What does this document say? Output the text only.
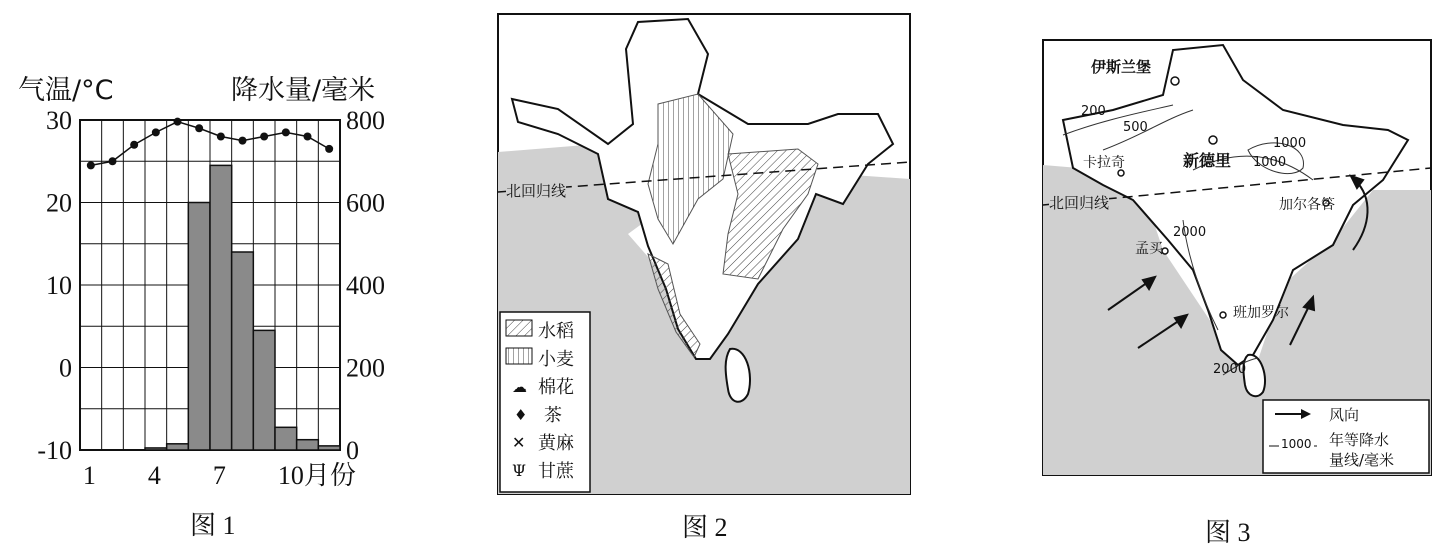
30
20
10
0
-10
800
600
400
200
0
1 4 7 10月份
气温/°C	降水量/毫米
图 1
☁
♦
✕
Ψ
北回归线
水稻
小麦
棉花
茶
黄麻
甘蔗
图 2
北回归线
伊斯兰堡
新德里
卡拉奇
加尔各答
孟买
班加罗尔
200
500
1000
1000
2000
2000
风向
1000 年等降水
量线/毫米
图 3
